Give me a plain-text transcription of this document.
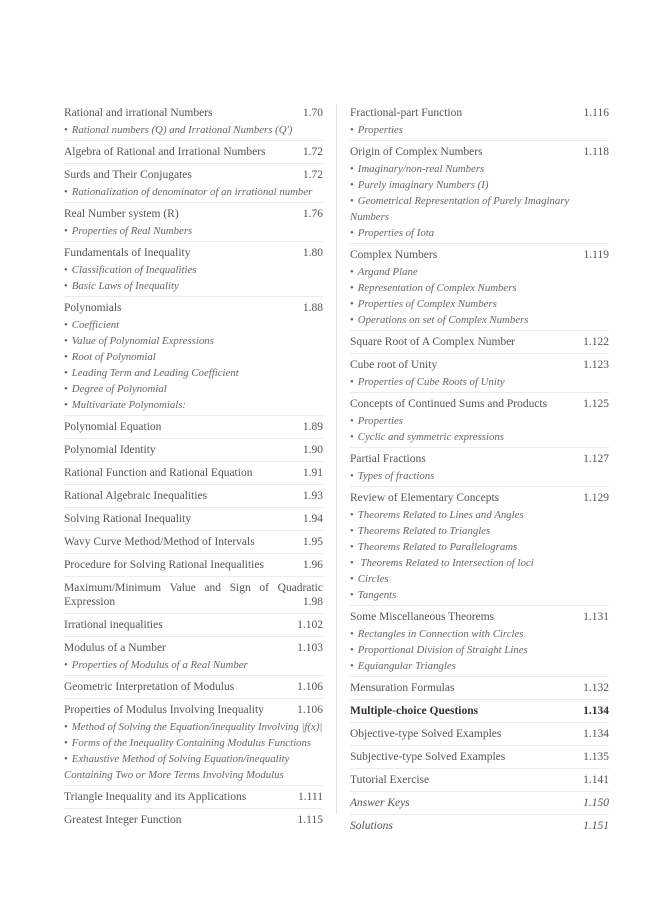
Rational and irrational Numbers	1.70
• Rational numbers (Q) and Irrational Numbers (Q')
Algebra of Rational and Irrational Numbers	1.72
Surds and Their Conjugates	1.72
• Rationalization of denominator of an irrational number
Real Number system (R)	1.76
• Properties of Real Numbers
Fundamentals of Inequality	1.80
• Classification of Inequalities
• Basic Laws of Inequality
Polynomials	1.88
• Coefficient
• Value of Polynomial Expressions
• Root of Polynomial
• Leading Term and Leading Coefficient
• Degree of Polynomial
• Multivariate Polynomials:
Polynomial Equation	1.89
Polynomial Identity	1.90
Rational Function and Rational Equation	1.91
Rational Algebraic Inequalities	1.93
Solving Rational Inequality	1.94
Wavy Curve Method/Method of Intervals	1.95
Procedure for Solving Rational Inequalities	1.96
Maximum/Minimum Value and Sign of Quadratic
Expression	1.98
Irrational inequalities	1.102
Modulus of a Number	1.103
• Properties of Modulus of a Real Number
Geometric Interpretation of Modulus	1.106
Properties of Modulus Involving Inequality	1.106
• Method of Solving the Equation/inequality Involving |f(x)|
• Forms of the Inequality Containing Modulus Functions
• Exhaustive Method of Solving Equation/inequality Containing Two or More Terms Involving Modulus
Triangle Inequality and its Applications	1.111
Greatest Integer Function	1.115
Fractional-part Function	1.116
• Properties
Origin of Complex Numbers	1.118
• Imaginary/non-real Numbers
• Purely imaginary Numbers (I)
• Geometrical Representation of Purely Imaginary Numbers
• Properties of Iota
Complex Numbers	1.119
• Argand Plane
• Representation of Complex Numbers
• Properties of Complex Numbers
• Operations on set of Complex Numbers
Square Root of A Complex Number	1.122
Cube root of Unity	1.123
• Properties of Cube Roots of Unity
Concepts of Continued Sums and Products	1.125
• Properties
• Cyclic and symmetric expressions
Partial Fractions	1.127
• Types of fractions
Review of Elementary Concepts	1.129
• Theorems Related to Lines and Angles
• Theorems Related to Triangles
• Theorems Related to Parallelograms
• Theorems Related to Intersection of loci
• Circles
• Tangents
Some Miscellaneous Theorems	1.131
• Rectangles in Connection with Circles
• Proportional Division of Straight Lines
• Equiangular Triangles
Mensuration Formulas	1.132
Multiple-choice Questions	1.134
Objective-type Solved Examples	1.134
Subjective-type Solved Examples	1.135
Tutorial Exercise	1.141
Answer Keys	1.150
Solutions	1.151
